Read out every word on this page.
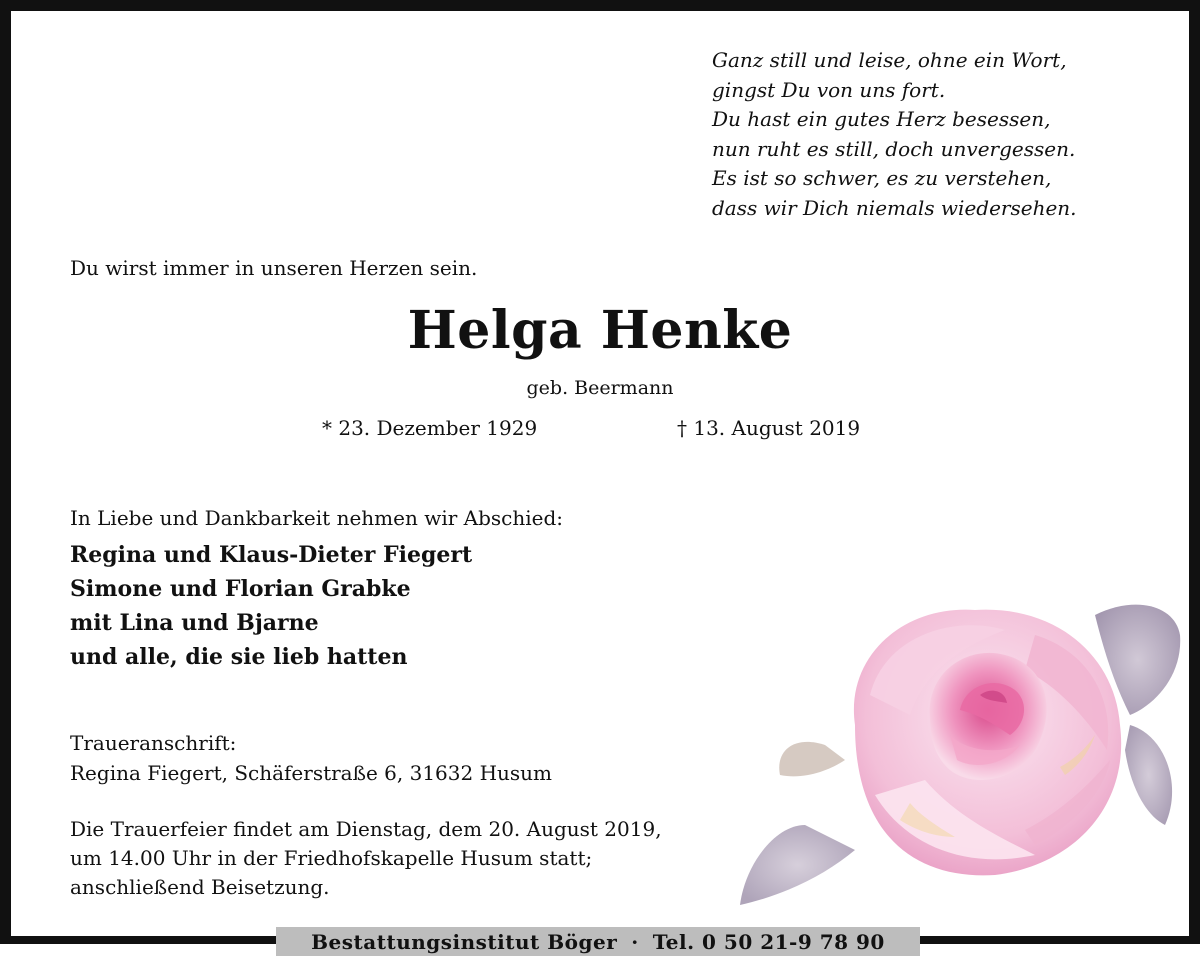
Ganz still und leise, ohne ein Wort,
gingst Du von uns fort.
Du hast ein gutes Herz besessen,
nun ruht es still, doch unvergessen.
Es ist so schwer, es zu verstehen,
dass wir Dich niemals wiedersehen.
Du wirst immer in unseren Herzen sein.
Helga Henke
geb. Beermann
* 23. Dezember 1929	† 13. August 2019
In Liebe und Dankbarkeit nehmen wir Abschied:
Regina und Klaus-Dieter Fiegert
Simone und Florian Grabke
mit Lina und Bjarne
und alle, die sie lieb hatten
Traueranschrift:
Regina Fiegert, Schäferstraße 6, 31632 Husum
Die Trauerfeier findet am Dienstag, dem 20. August 2019,
um 14.00 Uhr in der Friedhofskapelle Husum statt;
anschließend Beisetzung.
Bestattungsinstitut Böger · Tel. 0 50 21-9 78 90
